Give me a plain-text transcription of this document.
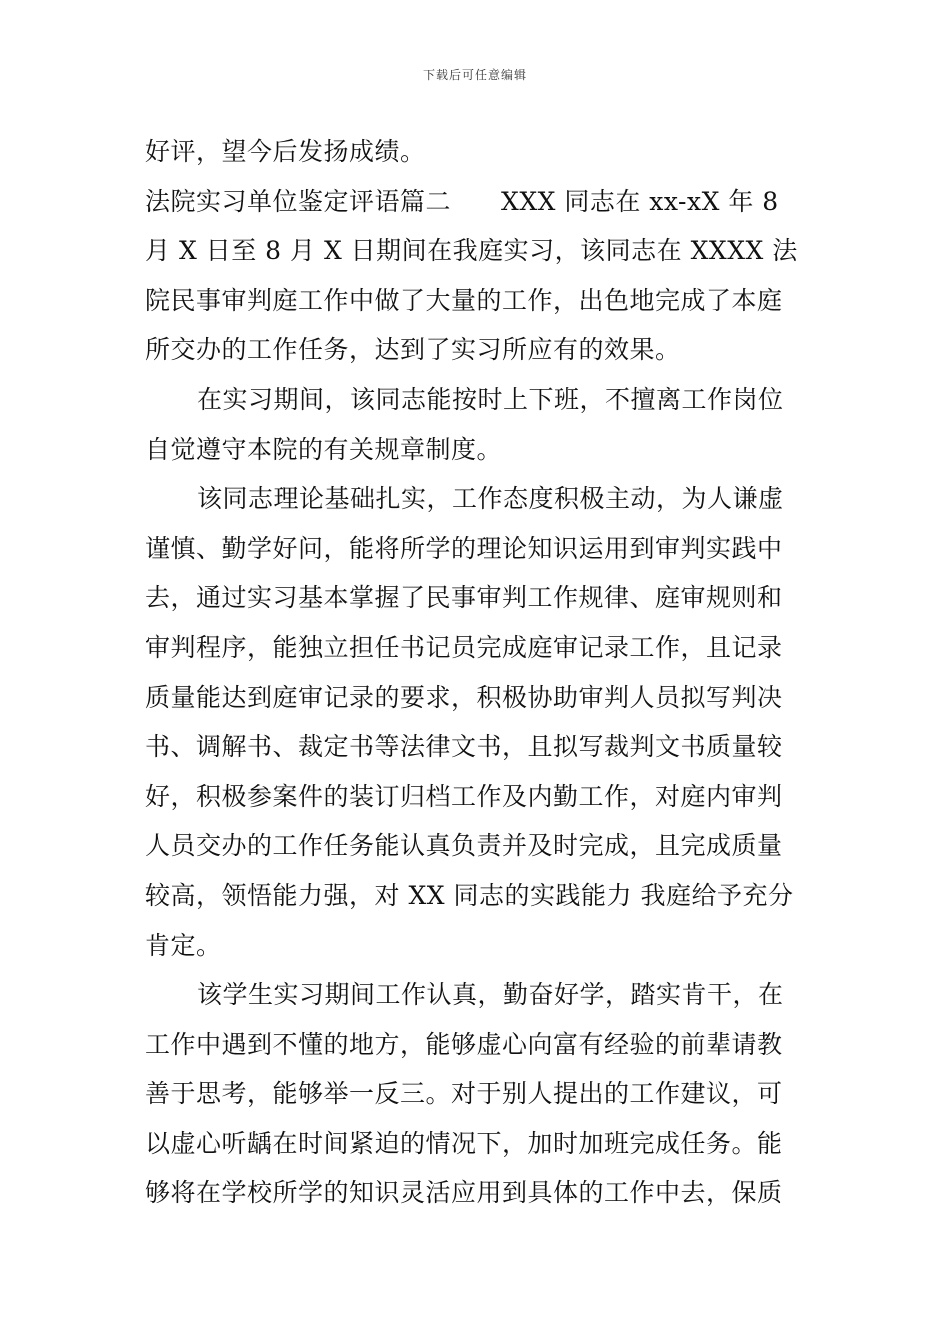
下载后可任意编辑

好评，望今后发扬成绩。

法院实习单位鉴定评语篇二 XXX 同志在 xx-xX 年 8 月 X 日至 8 月 X 日期间在我庭实习，该同志在 XXXX 法院民事审判庭工作中做了大量的工作，出色地完成了本庭所交办的工作任务，达到了实习所应有的效果。

在实习期间，该同志能按时上下班，不擅离工作岗位自觉遵守本院的有关规章制度。

该同志理论基础扎实，工作态度积极主动，为人谦虚谨慎、勤学好问，能将所学的理论知识运用到审判实践中去，通过实习基本掌握了民事审判工作规律、庭审规则和审判程序，能独立担任书记员完成庭审记录工作，且记录质量能达到庭审记录的要求，积极协助审判人员拟写判决书、调解书、裁定书等法律文书，且拟写裁判文书质量较好，积极参案件的装订归档工作及内勤工作，对庭内审判人员交办的工作任务能认真负责并及时完成，且完成质量较高，领悟能力强，对 XX 同志的实践能力 我庭给予充分肯定。

该学生实习期间工作认真，勤奋好学，踏实肯干，在工作中遇到不懂的地方，能够虚心向富有经验的前辈请教善于思考，能够举一反三。对于别人提出的工作建议，可以虚心听龋在时间紧迫的情况下，加时加班完成任务。能够将在学校所学的知识灵活应用到具体的工作中去，保质
